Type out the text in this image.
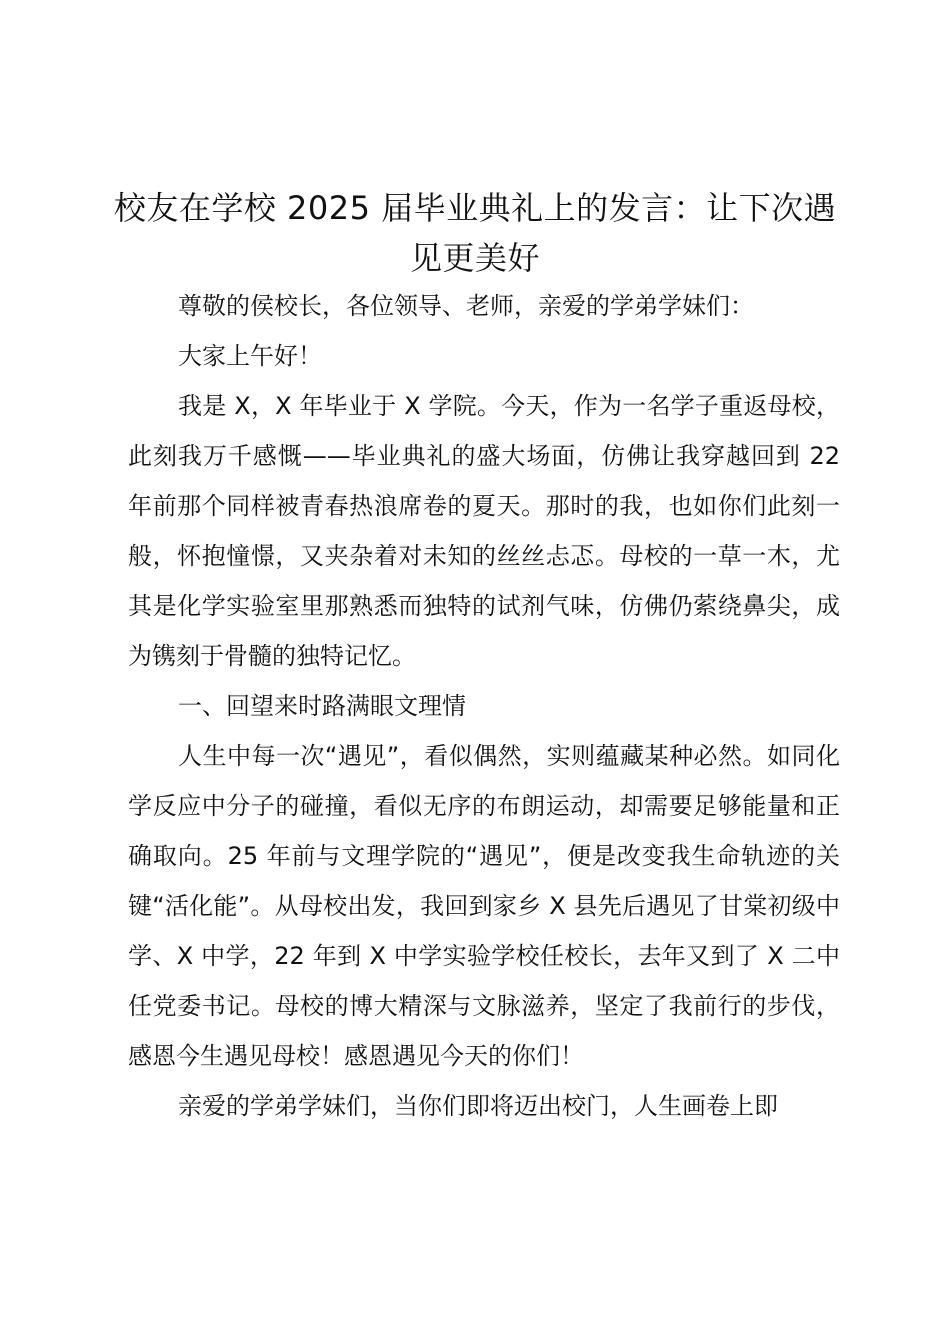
校友在学校 2025 届毕业典礼上的发言：让下次遇见更美好

尊敬的侯校长，各位领导、老师，亲爱的学弟学妹们：

大家上午好！

我是 X，X 年毕业于 X 学院。今天，作为一名学子重返母校，此刻我万千感慨——毕业典礼的盛大场面，仿佛让我穿越回到 22 年前那个同样被青春热浪席卷的夏天。那时的我，也如你们此刻一般，怀抱憧憬，又夹杂着对未知的丝丝忐忑。母校的一草一木，尤其是化学实验室里那熟悉而独特的试剂气味，仿佛仍萦绕鼻尖，成为镌刻于骨髓的独特记忆。

一、回望来时路满眼文理情

人生中每一次“遇见”，看似偶然，实则蕴藏某种必然。如同化学反应中分子的碰撞，看似无序的布朗运动，却需要足够能量和正确取向。25 年前与文理学院的“遇见”，便是改变我生命轨迹的关键“活化能”。从母校出发，我回到家乡 X 县先后遇见了甘棠初级中学、X 中学，22 年到 X 中学实验学校任校长，去年又到了 X 二中任党委书记。母校的博大精深与文脉滋养，坚定了我前行的步伐，感恩今生遇见母校！感恩遇见今天的你们！

亲爱的学弟学妹们，当你们即将迈出校门，人生画卷上即
